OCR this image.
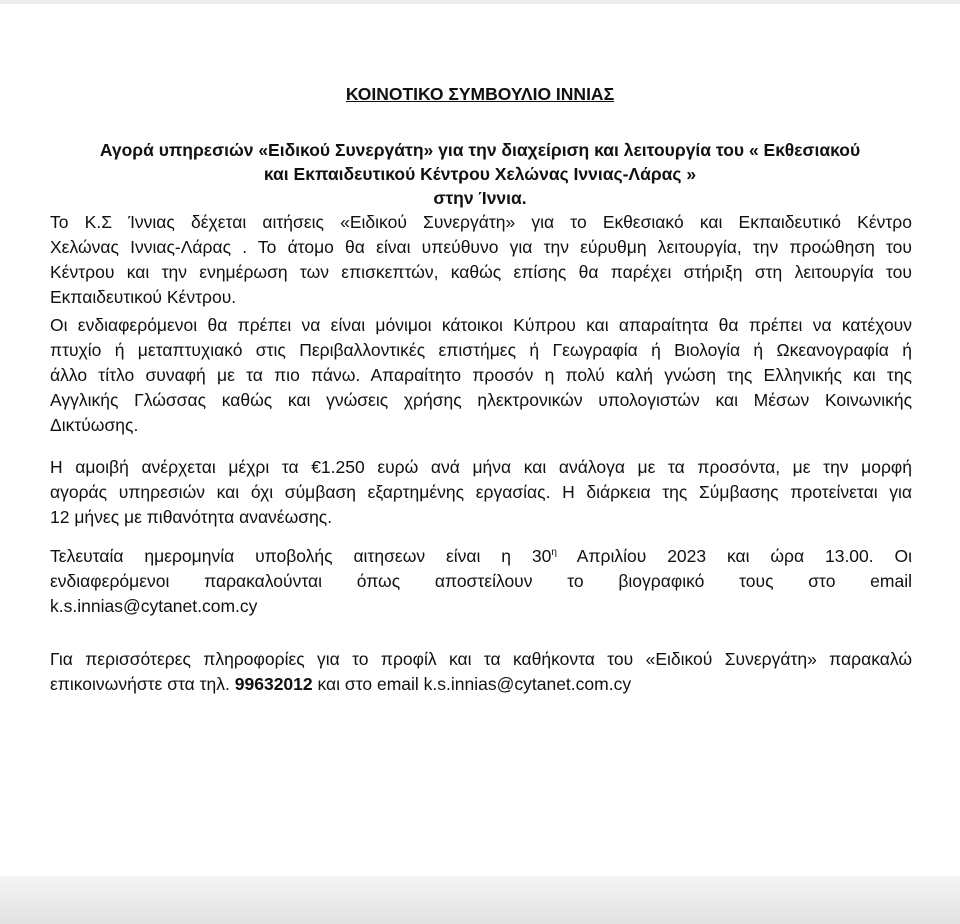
ΚΟΙΝΟΤΙΚΟ ΣΥΜΒΟΥΛΙΟ ΙΝΝΙΑΣ
Αγορά υπηρεσιών «Ειδικού Συνεργάτη» για την διαχείριση και λειτουργία του « Εκθεσιακού
και Εκπαιδευτικού Κέντρου Χελώνας Ιννιας-Λάρας »
στην Ίννια.
Το Κ.Σ Ίννιας δέχεται αιτήσεις «Ειδικού Συνεργάτη» για το Εκθεσιακό και Εκπαιδευτικό Κέντρο
Χελώνας Ιννιας-Λάρας . Το άτομο θα είναι υπεύθυνο για την εύρυθμη λειτουργία, την προώθηση του
Κέντρου και την ενημέρωση των επισκεπτών, καθώς επίσης θα παρέχει στήριξη στη λειτουργία του
Εκπαιδευτικού Κέντρου.
Οι ενδιαφερόμενοι θα πρέπει να είναι μόνιμοι κάτοικοι Κύπρου και απαραίτητα θα πρέπει να κατέχουν
πτυχίο ή μεταπτυχιακό στις Περιβαλλοντικές επιστήμες ή Γεωγραφία ή Βιολογία ή Ωκεανογραφία ή
άλλο τίτλο συναφή με τα πιο πάνω. Απαραίτητο προσόν η πολύ καλή γνώση της Ελληνικής και της
Αγγλικής Γλώσσας καθώς και γνώσεις χρήσης ηλεκτρονικών υπολογιστών και Μέσων Κοινωνικής
Δικτύωσης.
Η αμοιβή ανέρχεται μέχρι τα €1.250 ευρώ ανά μήνα και ανάλογα με τα προσόντα, με την μορφή
αγοράς υπηρεσιών και όχι σύμβαση εξαρτημένης εργασίας. Η διάρκεια της Σύμβασης προτείνεται για
12 μήνες με πιθανότητα ανανέωσης.
Τελευταία ημερομηνία υποβολής αιτησεων είναι η $30^\eta$ Απριλίου 2023 και ώρα 13.00. Οι
ενδιαφερόμενοι παρακαλούνται όπως αποστείλουν το βιογραφικό τους στο email
k.s.innias@cytanet.com.cy
Για περισσότερες πληροφορίες για το προφίλ και τα καθήκοντα του «Ειδικού Συνεργάτη» παρακαλώ
επικοινωνήστε στα τηλ. 99632012 και στο email k.s.innias@cytanet.com.cy
